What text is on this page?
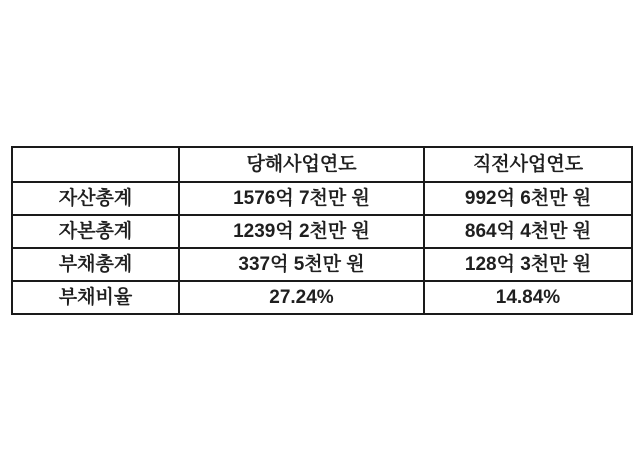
	당해사업연도	직전사업연도
자산총계	1576억 7천만 원	992억 6천만 원
자본총계	1239억 2천만 원	864억 4천만 원
부채총계	337억 5천만 원	128억 3천만 원
부채비율	27.24%	14.84%
